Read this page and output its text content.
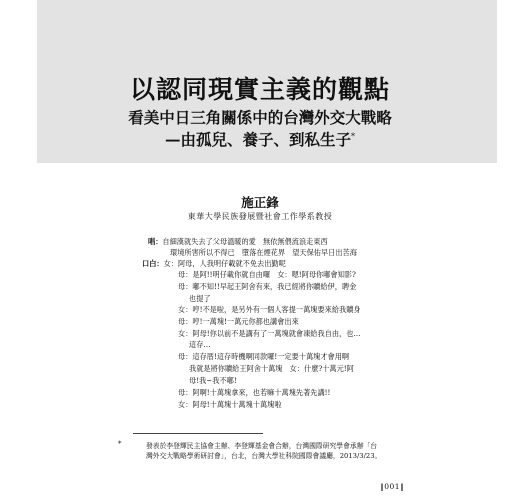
以認同現實主義的觀點
看美中日三角關係中的台灣外交大戰略
—由孤兒、養子、到私生子*

施正鋒

東華大學民族發展暨社會工作學系教授

唱：自細漢就失去了父母溫暖的愛　無依無偎流浪走東西
環境所害所以不得已　墮落在煙花界　望天保佑早日出苦海
口白：女：阿母，人我明仔載就不免去出勤呢
母：是阿!!明仔載你就自由囉　女：嗯!阿母你嘟會知影?
母：嘟不知!!早起王阿舍有來，我已經將你贖給伊，聘金
也提了
女：哼!不是啦，是另外有一個人客提一萬塊要來給我贖身
母：哼!一萬塊!一萬元你都也講會出來
女：阿母!你以前不是講有了一萬塊就會凍給我自由，也…
這存…
母：這存厝!這存時機啊同款囉!一定要十萬塊才會用啊
我就是將你贖給王阿舍十萬塊　女：什麼?十萬元!阿
母!我~我不嘟!
母：阿啊!十萬塊拿來，也若嘛十萬塊先著先講!!
女：阿母!十萬塊十萬塊十萬塊啦
*	發表於李登輝民主協會主辦、李登輝基金會合辦，台灣國際研究學會承辦「台
灣外交大戰略學術研討會」，台北，台灣大學社科院國際會議廳，2013/3/23。
‖001‖
